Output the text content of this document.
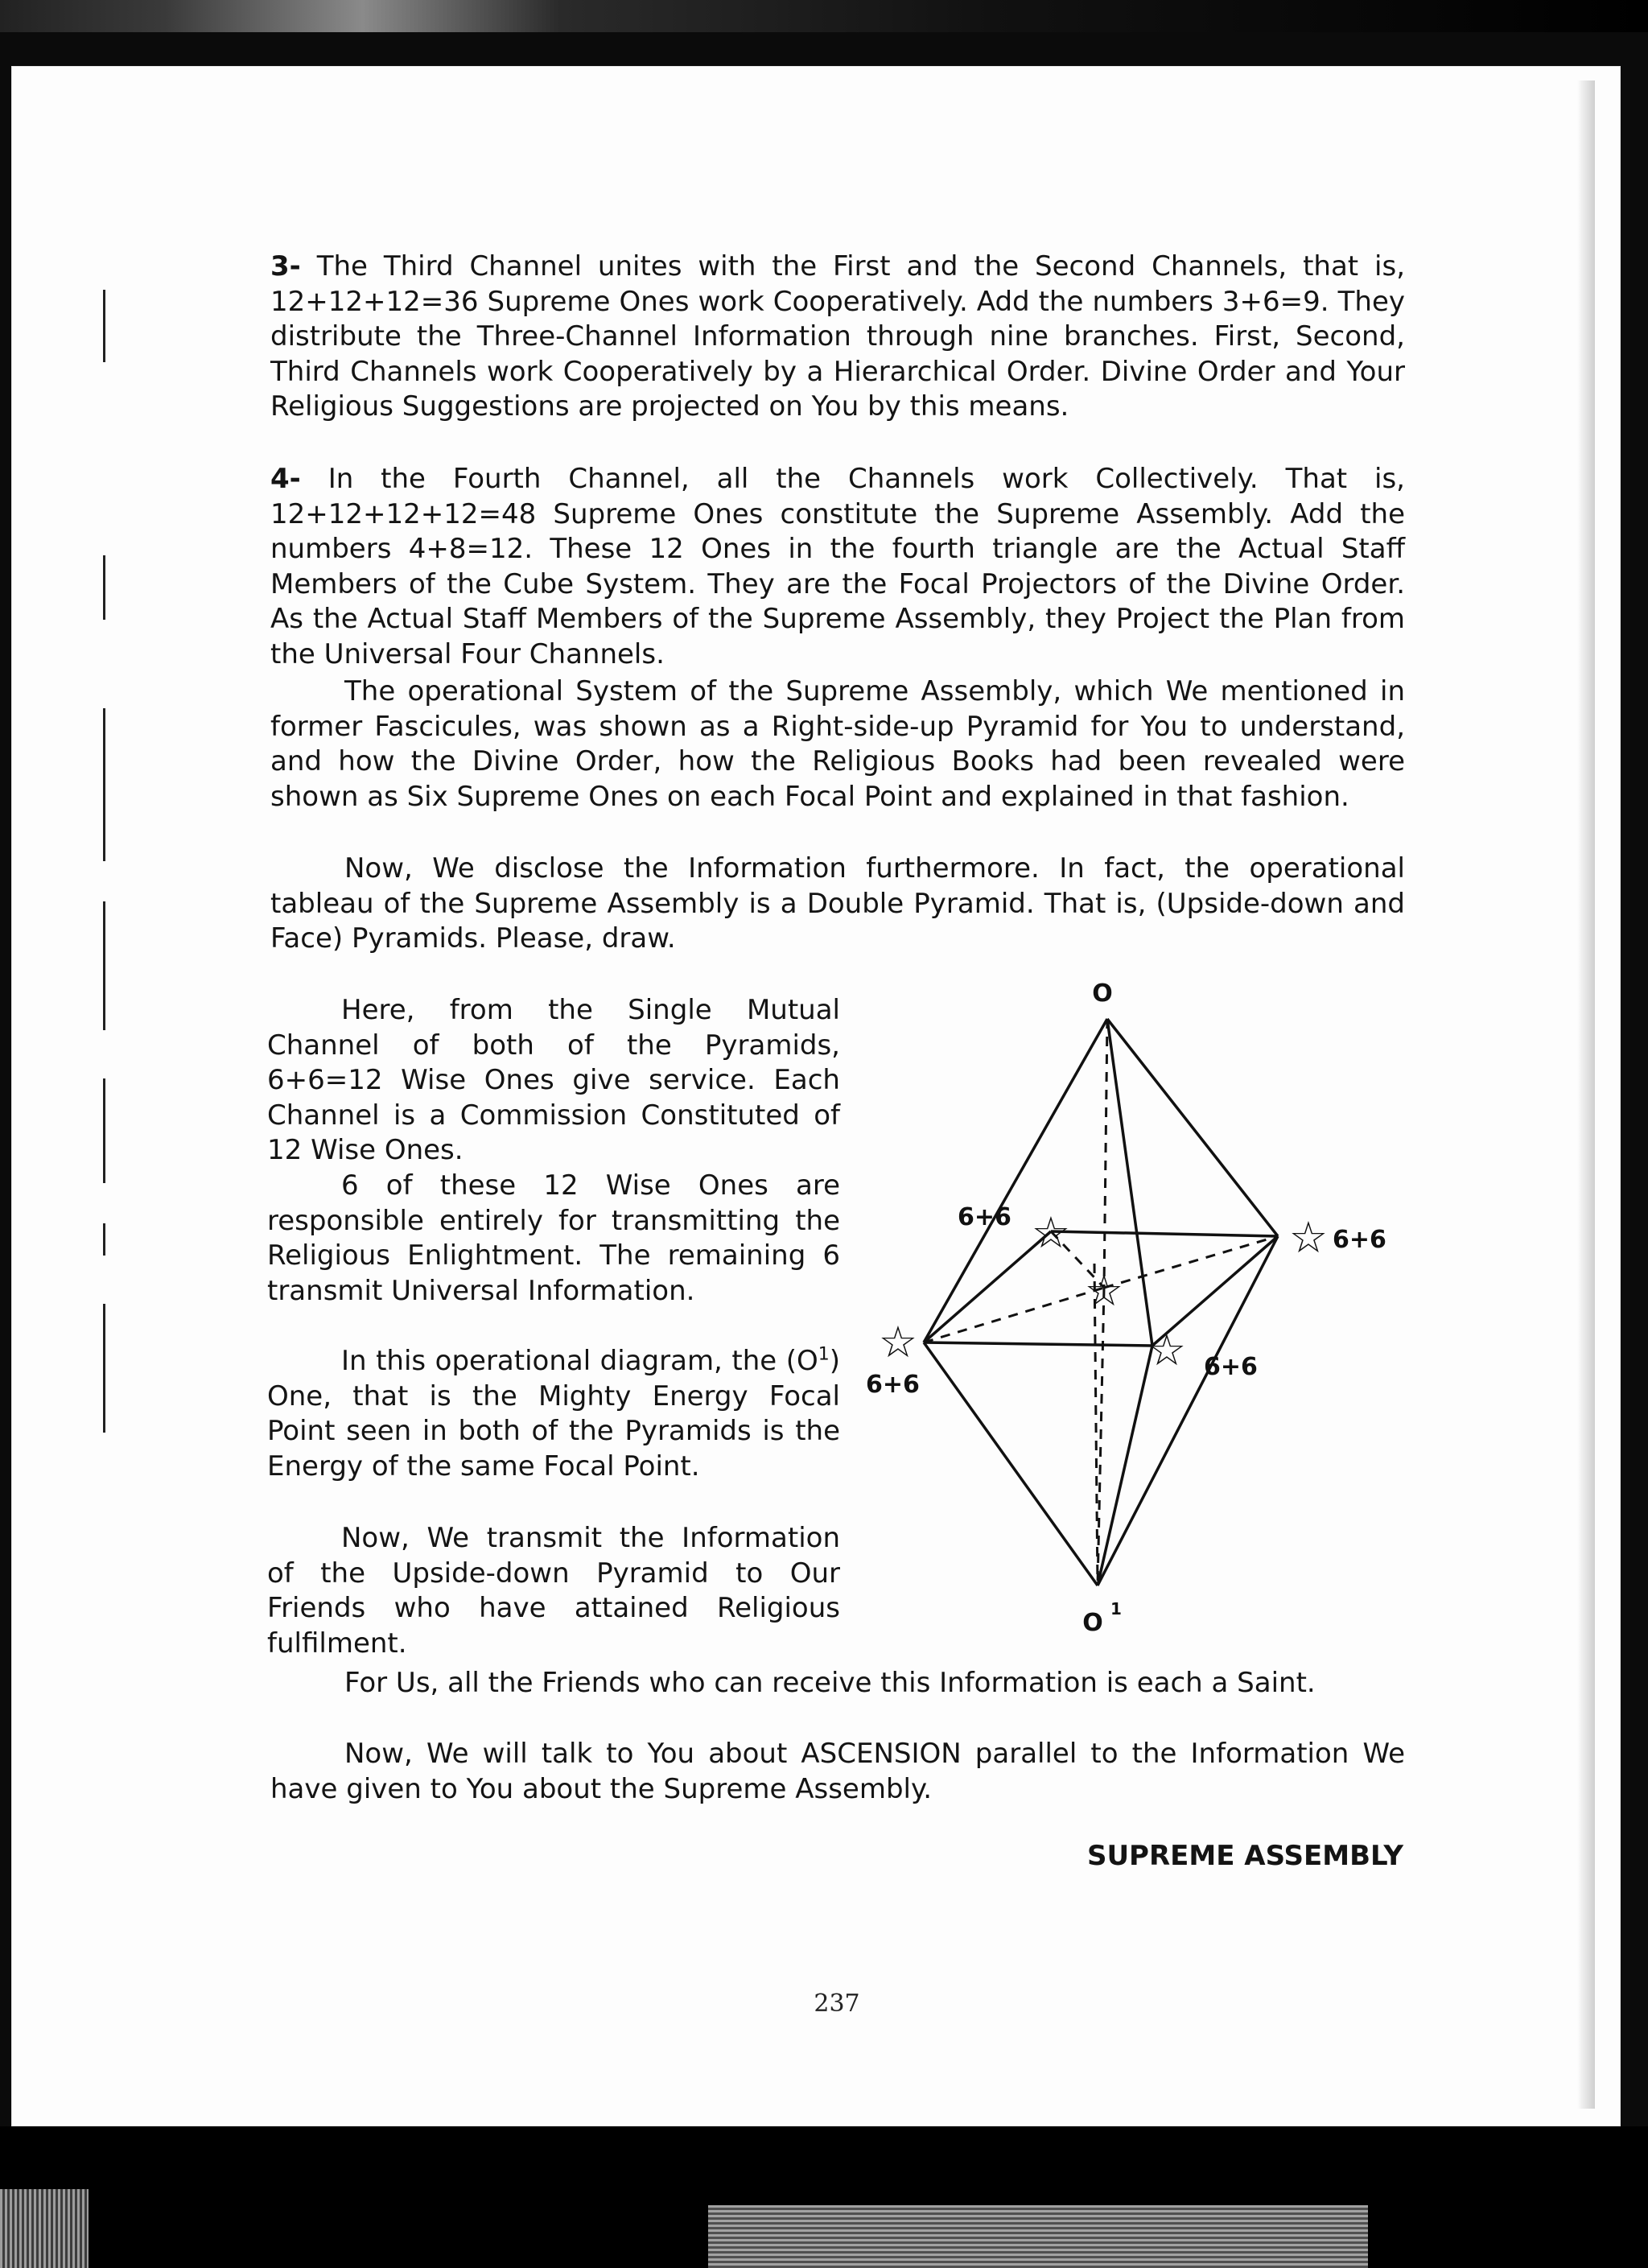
3- The Third Channel unites with the First and the Second Channels, that is, 12+12+12=36 Supreme Ones work Cooperatively. Add the numbers 3+6=9. They distribute the Three-Channel Information through nine branches. First, Second, Third Channels work Cooperatively by a Hierarchical Order. Divine Order and Your Religious Suggestions are projected on You by this means.

4- In the Fourth Channel, all the Channels work Collectively. That is, 12+12+12+12=48 Supreme Ones constitute the Supreme Assembly. Add the numbers 4+8=12. These 12 Ones in the fourth triangle are the Actual Staff Members of the Cube System. They are the Focal Projectors of the Divine Order. As the Actual Staff Members of the Supreme Assembly, they Project the Plan from the Universal Four Channels.

The operational System of the Supreme Assembly, which We mentioned in former Fascicules, was shown as a Right-side-up Pyramid for You to understand, and how the Divine Order, how the Religious Books had been revealed were shown as Six Supreme Ones on each Focal Point and explained in that fashion.

Now, We disclose the Information furthermore. In fact, the operational tableau of the Supreme Assembly is a Double Pyramid. That is, (Upside-down and Face) Pyramids. Please, draw.

Here, from the Single Mutual Channel of both of the Pyramids, 6+6=12 Wise Ones give service. Each Channel is a Commission Constituted of 12 Wise Ones.

6 of these 12 Wise Ones are responsible entirely for transmitting the Religious Enlightment. The remaining 6 transmit Universal Information.

In this operational diagram, the $(O^1)$ One, that is the Mighty Energy Focal Point seen in both of the Pyramids is the Energy of the same Focal Point.

Now, We transmit the Information of the Upside-down Pyramid to Our Friends who have attained Religious fulfilment.

☆	☆
☆
☆	☆
O
O 1
6+6
6+6
6+6
6+6

For Us, all the Friends who can receive this Information is each a Saint.

Now, We will talk to You about ASCENSION parallel to the Information We have given to You about the Supreme Assembly.

SUPREME ASSEMBLY
237
